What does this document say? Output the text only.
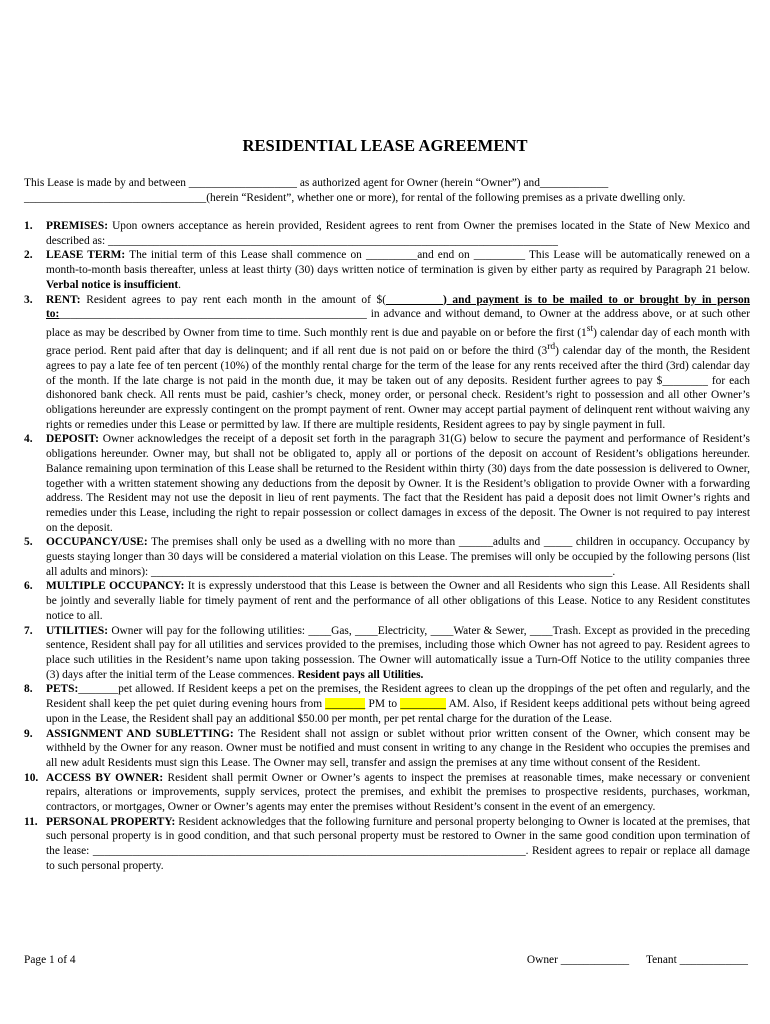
RESIDENTIAL LEASE AGREEMENT

This Lease is made by and between ___________________ as authorized agent for Owner (herein “Owner”) and____________

________________________________(herein “Resident”, whether one or more), for rental of the following premises as a private dwelling only.

1. PREMISES: Upon owners acceptance as herein provided, Resident agrees to rent from Owner the premises located in the State of New Mexico and described as: _______________________________________________________________________________

2. LEASE TERM: The initial term of this Lease shall commence on _________and end on _________ This Lease will be automatically renewed on a month-to-month basis thereafter, unless at least thirty (30) days written notice of termination is given by either party as required by Paragraph 21 below. Verbal notice is insufficient.

3. RENT: Resident agrees to pay rent each month in the amount of $(__________) and payment is to be mailed to or brought by in person to:______________________________________________________ in advance and without demand, to Owner at the address above, or at such other place as may be described by Owner from time to time. Such monthly rent is due and payable on or before the first (1st) calendar day of each month with grace period. Rent paid after that day is delinquent; and if all rent due is not paid on or before the third (3rd) calendar day of the month, the Resident agrees to pay a late fee of ten percent (10%) of the monthly rental charge for the term of the lease for any rents received after the third (3rd) calendar day of the month. If the late charge is not paid in the month due, it may be taken out of any deposits. Resident further agrees to pay $________ for each dishonored bank check. All rents must be paid, cashier’s check, money order, or personal check. Resident’s right to possession and all other Owner’s obligations hereunder are expressly contingent on the prompt payment of rent. Owner may accept partial payment of delinquent rent without waiving any rights or remedies under this Lease or permitted by law. If there are multiple residents, Resident agrees to pay by single payment in full.

4. DEPOSIT: Owner acknowledges the receipt of a deposit set forth in the paragraph 31(G) below to secure the payment and performance of Resident’s obligations hereunder. Owner may, but shall not be obligated to, apply all or portions of the deposit on account of Resident’s obligations hereunder. Balance remaining upon termination of this Lease shall be returned to the Resident within thirty (30) days from the date possession is delivered to Owner, together with a written statement showing any deductions from the deposit by Owner. It is the Resident’s obligation to provide Owner with a forwarding address. The Resident may not use the deposit in lieu of rent payments. The fact that the Resident has paid a deposit does not limit Owner’s rights and remedies under this Lease, including the right to repair possession or collect damages in excess of the deposit. The Owner is not required to pay interest on the deposit.

5. OCCUPANCY/USE: The premises shall only be used as a dwelling with no more than ______adults and _____ children in occupancy. Occupancy by guests staying longer than 30 days will be considered a material violation on this Lease. The premises will only be occupied by the following persons (list all adults and minors): _________________________________________________________________________________.

6. MULTIPLE OCCUPANCY: It is expressly understood that this Lease is between the Owner and all Residents who sign this Lease. All Residents shall be jointly and severally liable for timely payment of rent and the performance of all other obligations of this Lease. Notice to any Resident constitutes notice to all.

7. UTILITIES: Owner will pay for the following utilities: ____Gas, ____Electricity, ____Water & Sewer, ____Trash. Except as provided in the preceding sentence, Resident shall pay for all utilities and services provided to the premises, including those which Owner has not agreed to pay. Resident agrees to place such utilities in the Resident’s name upon taking possession. The Owner will automatically issue a Turn-Off Notice to the utility companies three (3) days after the initial term of the Lease commences. Resident pays all Utilities.

8. PETS:_______pet allowed. If Resident keeps a pet on the premises, the Resident agrees to clean up the droppings of the pet often and regularly, and the Resident shall keep the pet quiet during evening hours from _______ PM to ________ AM. Also, if Resident keeps additional pets without being agreed upon in the Lease, the Resident shall pay an additional $50.00 per month, per pet rental charge for the duration of the Lease.

9. ASSIGNMENT AND SUBLETTING: The Resident shall not assign or sublet without prior written consent of the Owner, which consent may be withheld by the Owner for any reason. Owner must be notified and must consent in writing to any change in the Resident who occupies the premises and all new adult Residents must sign this Lease. The Owner may sell, transfer and assign the premises at any time without consent of the Resident.

10. ACCESS BY OWNER: Resident shall permit Owner or Owner’s agents to inspect the premises at reasonable times, make necessary or convenient repairs, alterations or improvements, supply services, protect the premises, and exhibit the premises to prospective residents, purchases, workman, contractors, or mortgages, Owner or Owner’s agents may enter the premises without Resident’s consent in the event of an emergency.

11. PERSONAL PROPERTY: Resident acknowledges that the following furniture and personal property belonging to Owner is located at the premises, that such personal property is in good condition, and that such personal property must be restored to Owner in the same good condition upon termination of the lease: ____________________________________________________________________________. Resident agrees to repair or replace all damage to such personal property.

Page 1 of 4	Owner ____________ Tenant ____________
